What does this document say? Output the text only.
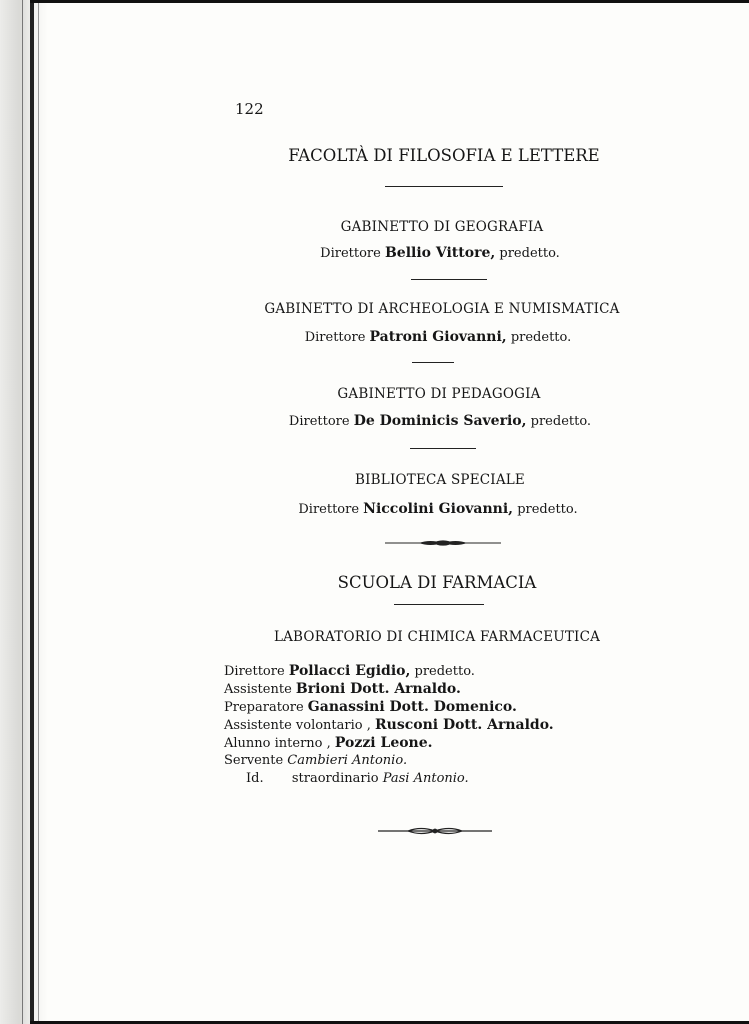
122
FACOLTÀ DI FILOSOFIA E LETTERE
GABINETTO DI GEOGRAFIA
Direttore Bellio Vittore, predetto.
GABINETTO DI ARCHEOLOGIA E NUMISMATICA
Direttore Patroni Giovanni, predetto.
GABINETTO DI PEDAGOGIA
Direttore De Dominicis Saverio, predetto.
BIBLIOTECA SPECIALE
Direttore Niccolini Giovanni, predetto.
SCUOLA DI FARMACIA
LABORATORIO DI CHIMICA FARMACEUTICA
Direttore Pollacci Egidio, predetto.
Assistente Brioni Dott. Arnaldo.
Preparatore Ganassini Dott. Domenico.
Assistente volontario , Rusconi Dott. Arnaldo.
Alunno interno , Pozzi Leone.
Servente Cambieri Antonio.
Id. straordinario Pasi Antonio.
